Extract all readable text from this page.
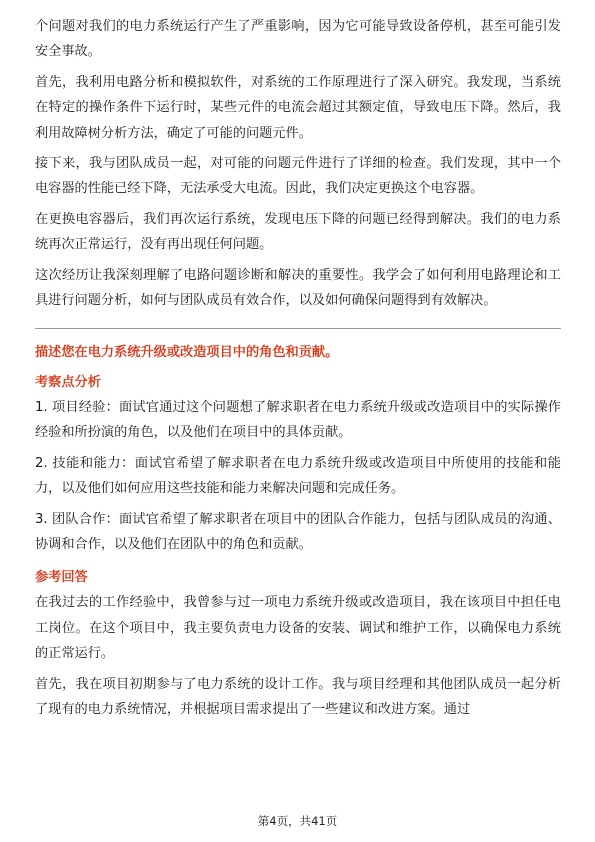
个问题对我们的电力系统运行产生了严重影响，因为它可能导致设备停机，甚至可能引发安全事故。

首先，我利用电路分析和模拟软件，对系统的工作原理进行了深入研究。我发现，当系统在特定的操作条件下运行时，某些元件的电流会超过其额定值，导致电压下降。然后，我利用故障树分析方法，确定了可能的问题元件。

接下来，我与团队成员一起，对可能的问题元件进行了详细的检查。我们发现，其中一个电容器的性能已经下降，无法承受大电流。因此，我们决定更换这个电容器。

在更换电容器后，我们再次运行系统，发现电压下降的问题已经得到解决。我们的电力系统再次正常运行，没有再出现任何问题。

这次经历让我深刻理解了电路问题诊断和解决的重要性。我学会了如何利用电路理论和工具进行问题分析，如何与团队成员有效合作，以及如何确保问题得到有效解决。

描述您在电力系统升级或改造项目中的角色和贡献。

考察点分析

1. 项目经验：面试官通过这个问题想了解求职者在电力系统升级或改造项目中的实际操作经验和所扮演的角色，以及他们在项目中的具体贡献。

2. 技能和能力：面试官希望了解求职者在电力系统升级或改造项目中所使用的技能和能力，以及他们如何应用这些技能和能力来解决问题和完成任务。

3. 团队合作：面试官希望了解求职者在项目中的团队合作能力，包括与团队成员的沟通、协调和合作，以及他们在团队中的角色和贡献。

参考回答

在我过去的工作经验中，我曾参与过一项电力系统升级或改造项目，我在该项目中担任电工岗位。在这个项目中，我主要负责电力设备的安装、调试和维护工作，以确保电力系统的正常运行。

首先，我在项目初期参与了电力系统的设计工作。我与项目经理和其他团队成员一起分析了现有的电力系统情况，并根据项目需求提出了一些建议和改进方案。通过

第4页，共41页
